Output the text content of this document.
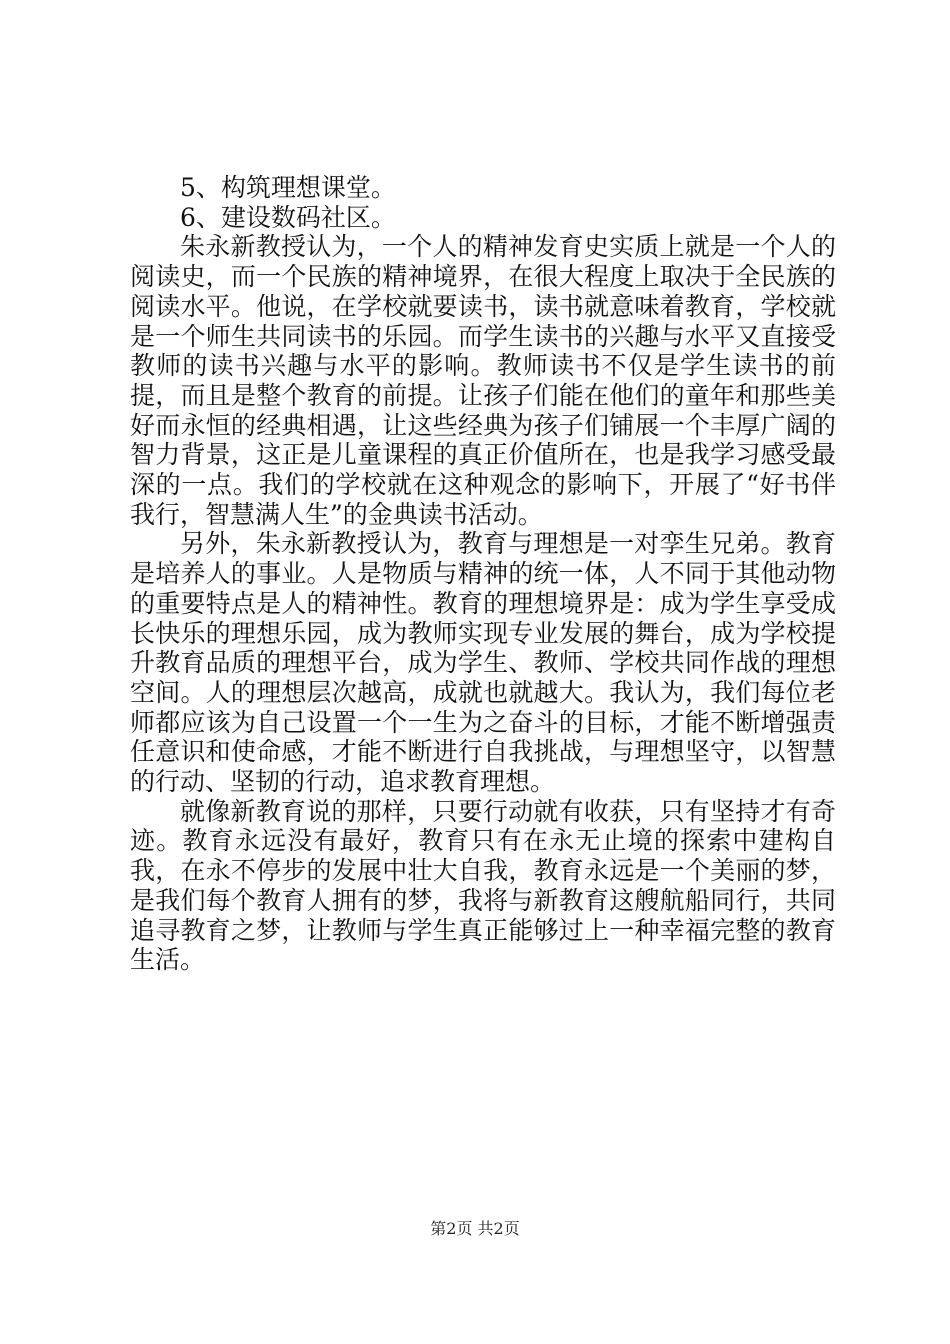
5、构筑理想课堂。

6、建设数码社区。

朱永新教授认为，一个人的精神发育史实质上就是一个人的阅读史，而一个民族的精神境界，在很大程度上取决于全民族的阅读水平。他说，在学校就要读书，读书就意味着教育，学校就是一个师生共同读书的乐园。而学生读书的兴趣与水平又直接受教师的读书兴趣与水平的影响。教师读书不仅是学生读书的前提，而且是整个教育的前提。让孩子们能在他们的童年和那些美好而永恒的经典相遇，让这些经典为孩子们铺展一个丰厚广阔的智力背景，这正是儿童课程的真正价值所在，也是我学习感受最深的一点。我们的学校就在这种观念的影响下，开展了“好书伴我行，智慧满人生”的金典读书活动。

另外，朱永新教授认为，教育与理想是一对孪生兄弟。教育是培养人的事业。人是物质与精神的统一体，人不同于其他动物的重要特点是人的精神性。教育的理想境界是：成为学生享受成长快乐的理想乐园，成为教师实现专业发展的舞台，成为学校提升教育品质的理想平台，成为学生、教师、学校共同作战的理想空间。人的理想层次越高，成就也就越大。我认为，我们每位老师都应该为自己设置一个一生为之奋斗的目标，才能不断增强责任意识和使命感，才能不断进行自我挑战，与理想坚守，以智慧的行动、坚韧的行动，追求教育理想。

就像新教育说的那样，只要行动就有收获，只有坚持才有奇迹。教育永远没有最好，教育只有在永无止境的探索中建构自我，在永不停步的发展中壮大自我，教育永远是一个美丽的梦，是我们每个教育人拥有的梦，我将与新教育这艘航船同行，共同追寻教育之梦，让教师与学生真正能够过上一种幸福完整的教育生活。

第2页 共2页
